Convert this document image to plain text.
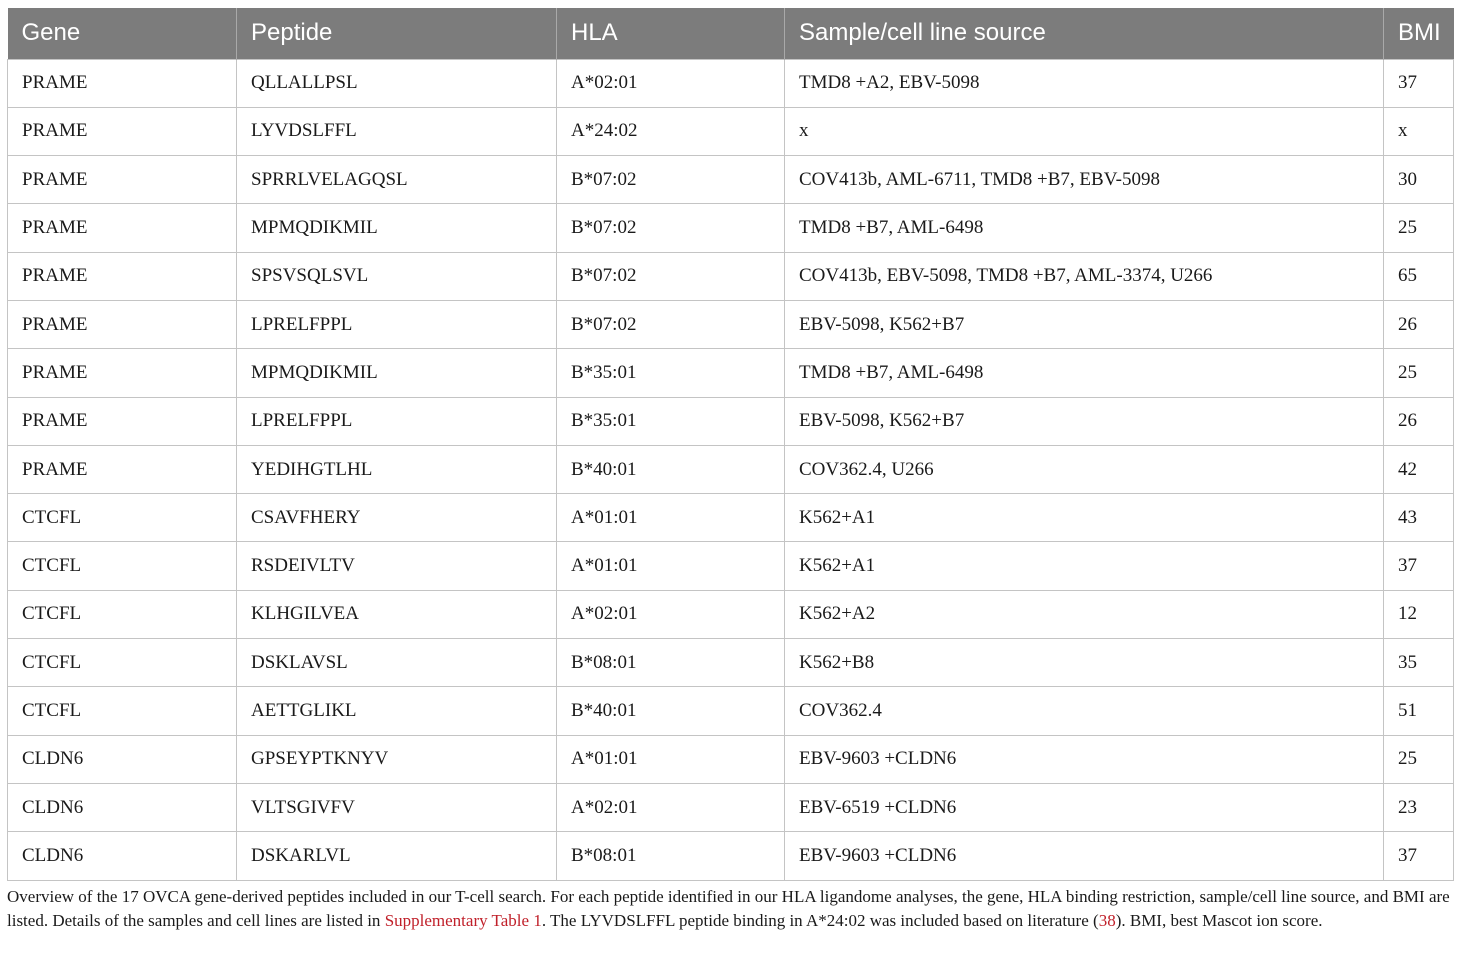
Gene	Peptide	HLA	Sample/cell line source	BMI
PRAME	QLLALLPSL	A*02:01	TMD8 +A2, EBV-5098	37
PRAME	LYVDSLFFL	A*24:02	x	x
PRAME	SPRRLVELAGQSL	B*07:02	COV413b, AML-6711, TMD8 +B7, EBV-5098	30
PRAME	MPMQDIKMIL	B*07:02	TMD8 +B7, AML-6498	25
PRAME	SPSVSQLSVL	B*07:02	COV413b, EBV-5098, TMD8 +B7, AML-3374, U266	65
PRAME	LPRELFPPL	B*07:02	EBV-5098, K562+B7	26
PRAME	MPMQDIKMIL	B*35:01	TMD8 +B7, AML-6498	25
PRAME	LPRELFPPL	B*35:01	EBV-5098, K562+B7	26
PRAME	YEDIHGTLHL	B*40:01	COV362.4, U266	42
CTCFL	CSAVFHERY	A*01:01	K562+A1	43
CTCFL	RSDEIVLTV	A*01:01	K562+A1	37
CTCFL	KLHGILVEA	A*02:01	K562+A2	12
CTCFL	DSKLAVSL	B*08:01	K562+B8	35
CTCFL	AETTGLIKL	B*40:01	COV362.4	51
CLDN6	GPSEYPTKNYV	A*01:01	EBV-9603 +CLDN6	25
CLDN6	VLTSGIVFV	A*02:01	EBV-6519 +CLDN6	23
CLDN6	DSKARLVL	B*08:01	EBV-9603 +CLDN6	37
Overview of the 17 OVCA gene-derived peptides included in our T-cell search. For each peptide identified in our HLA ligandome analyses, the gene, HLA binding restriction, sample/cell line source, and BMI are listed. Details of the samples and cell lines are listed in Supplementary Table 1. The LYVDSLFFL peptide binding in A*24:02 was included based on literature (38). BMI, best Mascot ion score.
